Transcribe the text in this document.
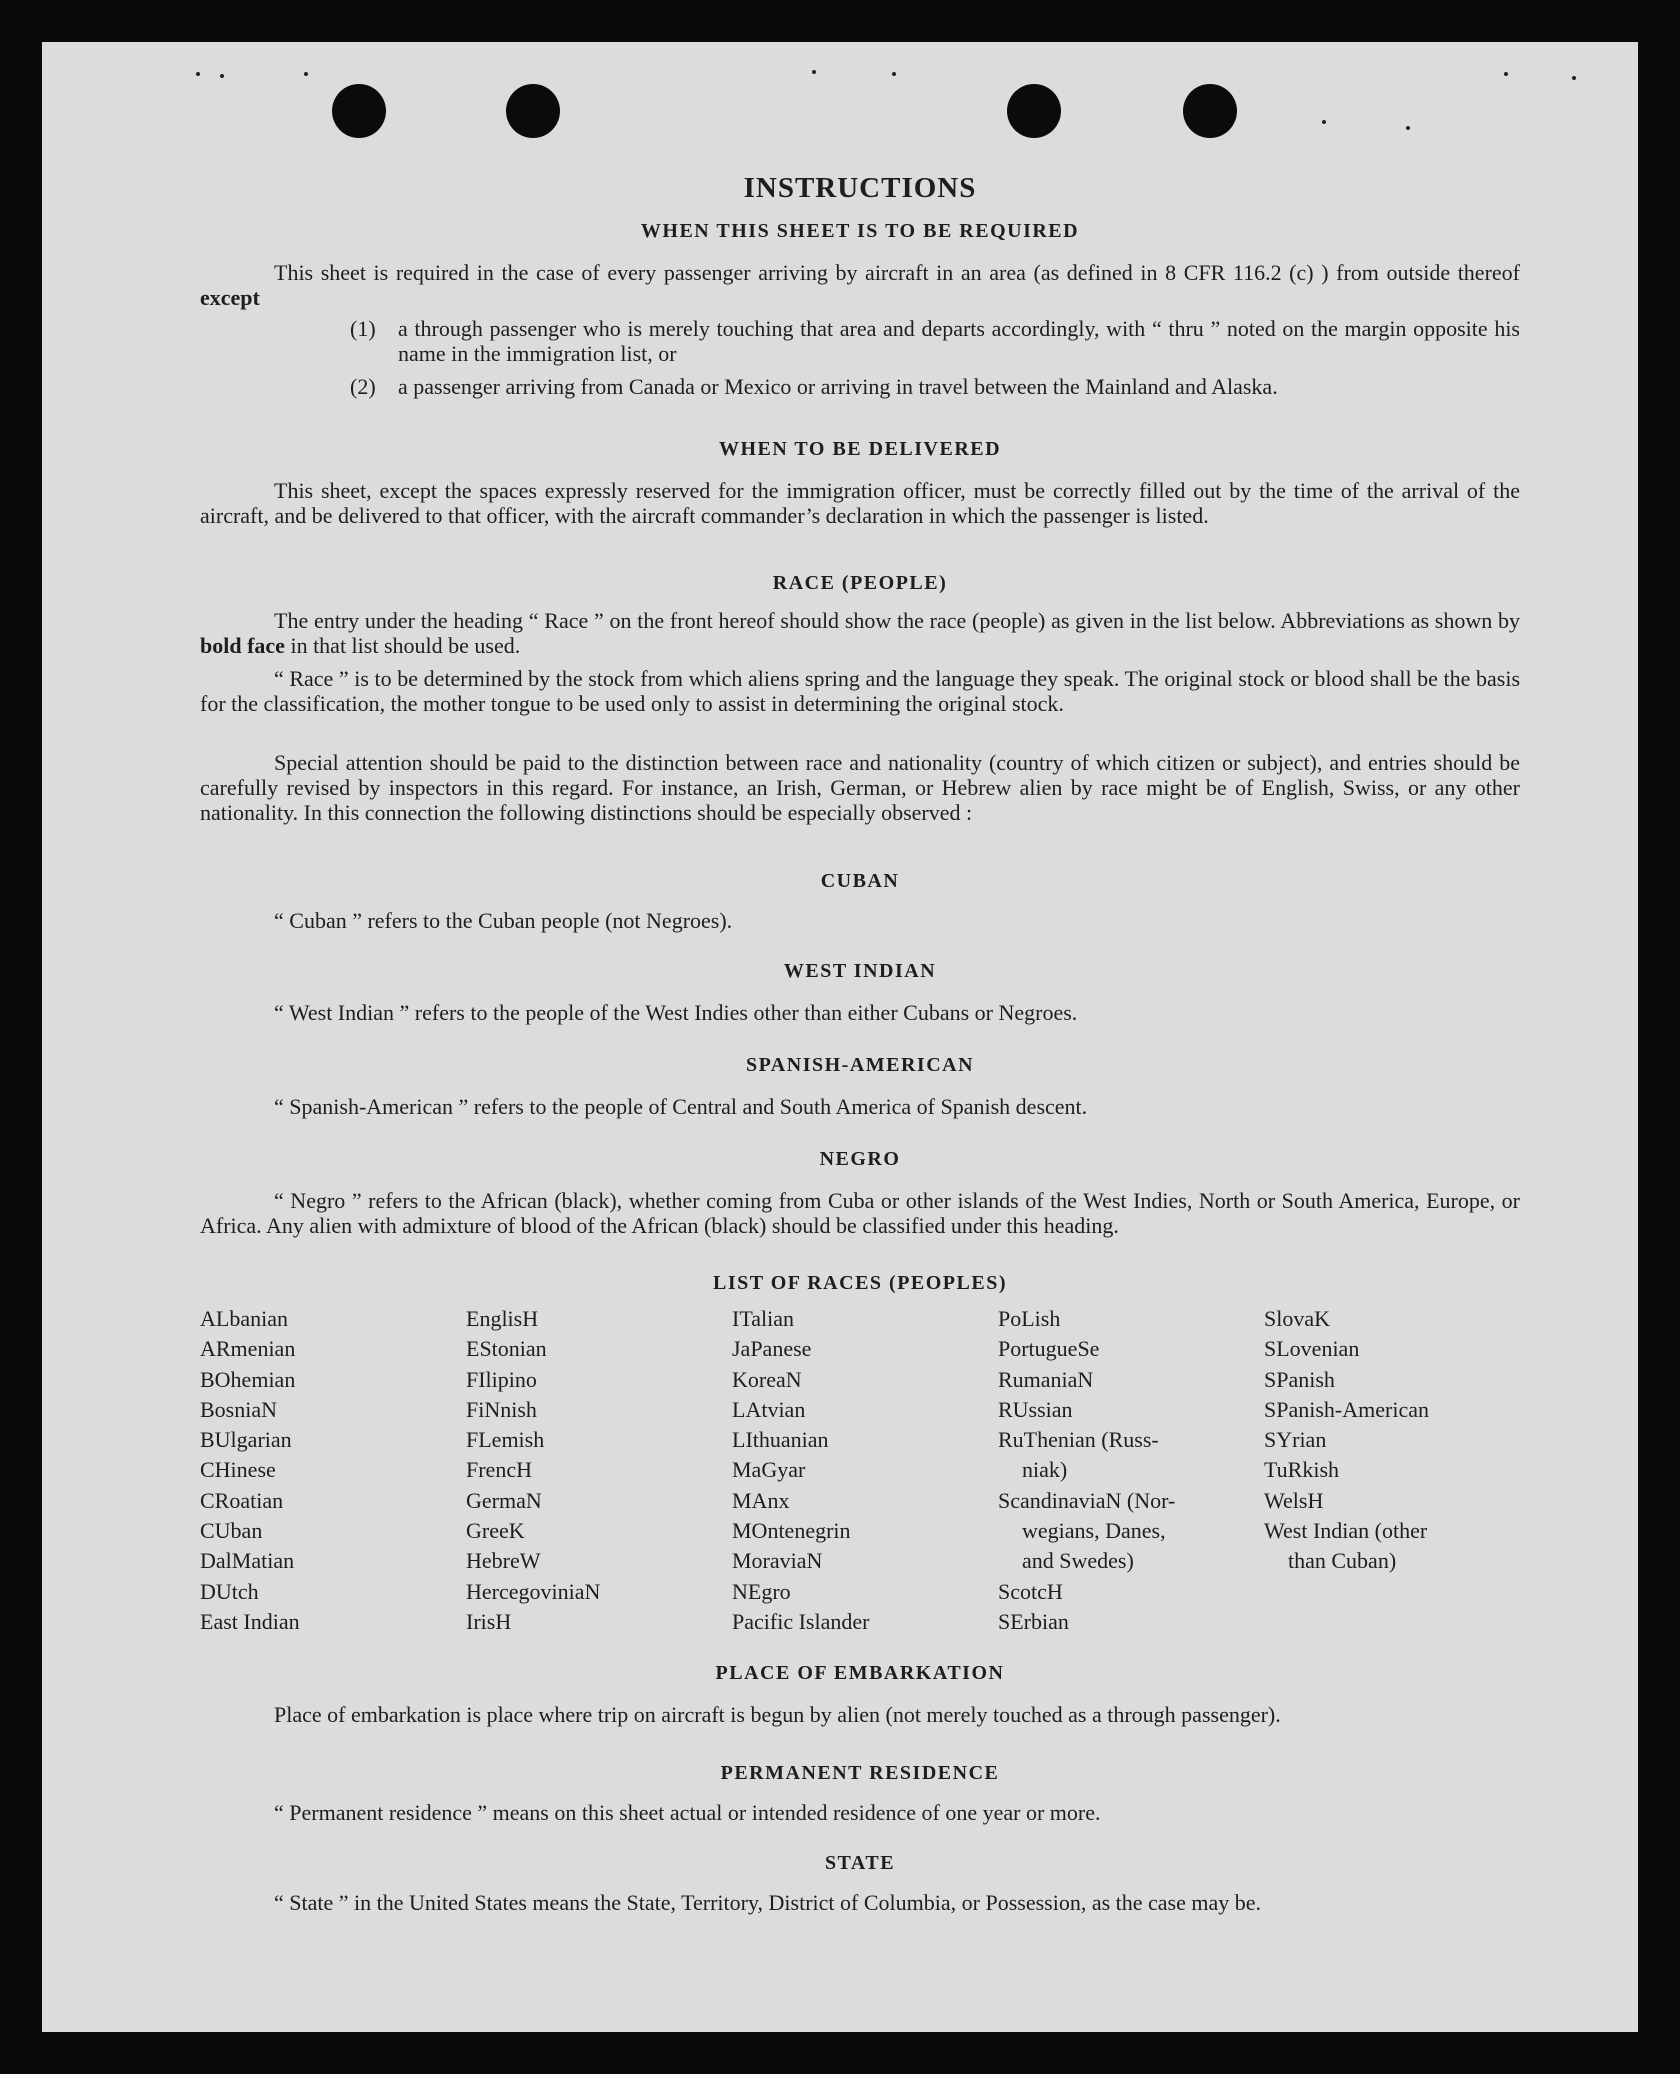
INSTRUCTIONS
WHEN THIS SHEET IS TO BE REQUIRED
This sheet is required in the case of every passenger arriving by aircraft in an area (as defined in 8 CFR 116.2 (c) ) from outside thereof except
(1) a through passenger who is merely touching that area and departs accordingly, with “ thru ” noted on the margin opposite his name in the immigration list, or
(2) a passenger arriving from Canada or Mexico or arriving in travel between the Mainland and Alaska.
WHEN TO BE DELIVERED
This sheet, except the spaces expressly reserved for the immigration officer, must be correctly filled out by the time of the arrival of the aircraft, and be delivered to that officer, with the aircraft commander’s declaration in which the passenger is listed.
RACE (PEOPLE)
The entry under the heading “ Race ” on the front hereof should show the race (people) as given in the list below. Abbreviations as shown by bold face in that list should be used.
“ Race ” is to be determined by the stock from which aliens spring and the language they speak. The original stock or blood shall be the basis for the classification, the mother tongue to be used only to assist in determining the original stock.
Special attention should be paid to the distinction between race and nationality (country of which citizen or subject), and entries should be carefully revised by inspectors in this regard. For instance, an Irish, German, or Hebrew alien by race might be of English, Swiss, or any other nationality. In this connection the following distinctions should be especially observed :
CUBAN
“ Cuban ” refers to the Cuban people (not Negroes).
WEST INDIAN
“ West Indian ” refers to the people of the West Indies other than either Cubans or Negroes.
SPANISH-AMERICAN
“ Spanish-American ” refers to the people of Central and South America of Spanish descent.
NEGRO
“ Negro ” refers to the African (black), whether coming from Cuba or other islands of the West Indies, North or South America, Europe, or Africa. Any alien with admixture of blood of the African (black) should be classified under this heading.
LIST OF RACES (PEOPLES)
ALbanian
ARmenian
BOhemian
BosniaN
BUlgarian
CHinese
CRoatian
CUban
DalMatian
DUtch
East Indian
EnglisH
EStonian
FIlipino
FiNnish
FLemish
FrencH
GermaN
GreeK
HebreW
HercegoviniaN
IrisH
ITalian
JaPanese
KoreaN
LAtvian
LIthuanian
MaGyar
MAnx
MOntenegrin
MoraviaN
NEgro
Pacific Islander
PoLish
PortugueSe
RumaniaN
RUssian
RuThenian (Russ-
niak)
ScandinaviaN (Nor-
wegians, Danes,
and Swedes)
ScotcH
SErbian
SlovaK
SLovenian
SPanish
SPanish-American
SYrian
TuRkish
WelsH
West Indian (other
than Cuban)
PLACE OF EMBARKATION
Place of embarkation is place where trip on aircraft is begun by alien (not merely touched as a through passenger).
PERMANENT RESIDENCE
“ Permanent residence ” means on this sheet actual or intended residence of one year or more.
STATE
“ State ” in the United States means the State, Territory, District of Columbia, or Possession, as the case may be.
